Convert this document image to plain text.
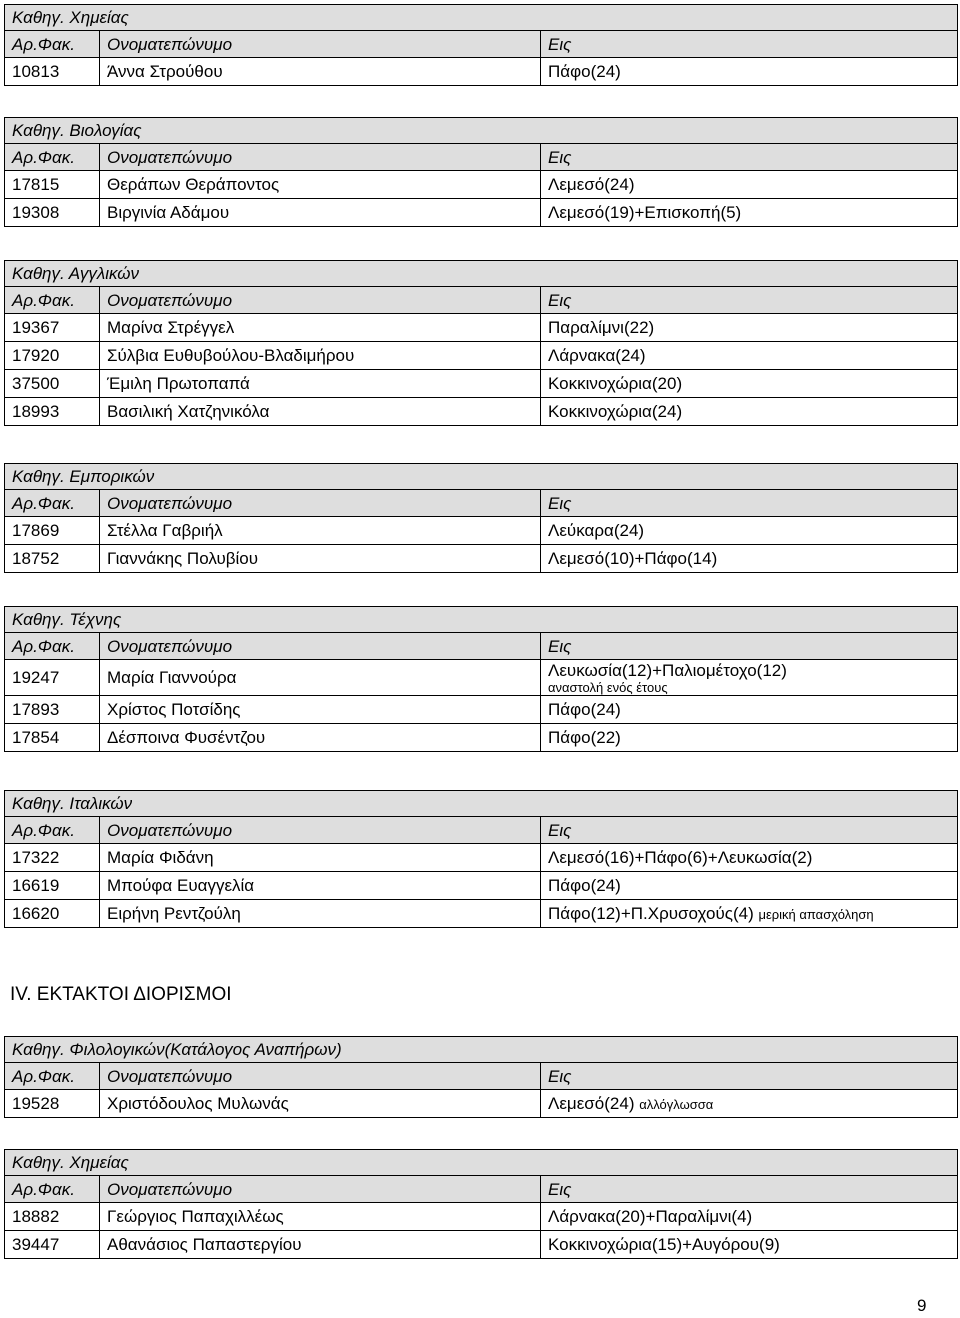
Καθηγ. Χημείας		
Αρ.Φακ.	Ονοματεπώνυμο	Εις
10813	Άννα Στρούθου	Πάφο(24)
Καθηγ. Βιολογίας		
Αρ.Φακ.	Ονοματεπώνυμο	Εις
17815	Θεράπων Θεράποντος	Λεμεσό(24)
19308	Βιργινία Αδάμου	Λεμεσό(19)+Επισκοπή(5)
Καθηγ. Αγγλικών		
Αρ.Φακ.	Ονοματεπώνυμο	Εις
19367	Μαρίνα Στρέγγελ	Παραλίμνι(22)
17920	Σύλβια Ευθυβούλου-Βλαδιμήρου	Λάρνακα(24)
37500	Έμιλη Πρωτοπαπά	Κοκκινοχώρια(20)
18993	Βασιλική Χατζηνικόλα	Κοκκινοχώρια(24)
Καθηγ. Εμπορικών		
Αρ.Φακ.	Ονοματεπώνυμο	Εις
17869	Στέλλα Γαβριήλ	Λεύκαρα(24)
18752	Γιαννάκης Πολυβίου	Λεμεσό(10)+Πάφο(14)
Καθηγ. Τέχνης		
Αρ.Φακ.	Ονοματεπώνυμο	Εις
19247	Μαρία Γιαννούρα	Λευκωσία(12)+Παλιομέτοχο(12)
αναστολή ενός έτους

17893	Χρίστος Ποτσίδης	Πάφο(24)
17854	Δέσποινα Φυσέντζου	Πάφο(22)
Καθηγ. Ιταλικών		
Αρ.Φακ.	Ονοματεπώνυμο	Εις
17322	Μαρία Φιδάνη	Λεμεσό(16)+Πάφο(6)+Λευκωσία(2)
16619	Μπούφα Ευαγγελία	Πάφο(24)
16620	Ειρήνη Ρεντζούλη	Πάφο(12)+Π.Χρυσοχούς(4) μερική απασχόληση
IV. ΕΚΤΑΚΤΟΙ ΔΙΟΡΙΣΜΟΙ
Καθηγ. Φιλολογικών(Κατάλογος Αναπήρων)		
Αρ.Φακ.	Ονοματεπώνυμο	Εις
19528	Χριστόδουλος Μυλωνάς	Λεμεσό(24) αλλόγλωσσα
Καθηγ. Χημείας		
Αρ.Φακ.	Ονοματεπώνυμο	Εις
18882	Γεώργιος Παπαχιλλέως	Λάρνακα(20)+Παραλίμνι(4)
39447	Αθανάσιος Παπαστεργίου	Κοκκινοχώρια(15)+Αυγόρου(9)
9
